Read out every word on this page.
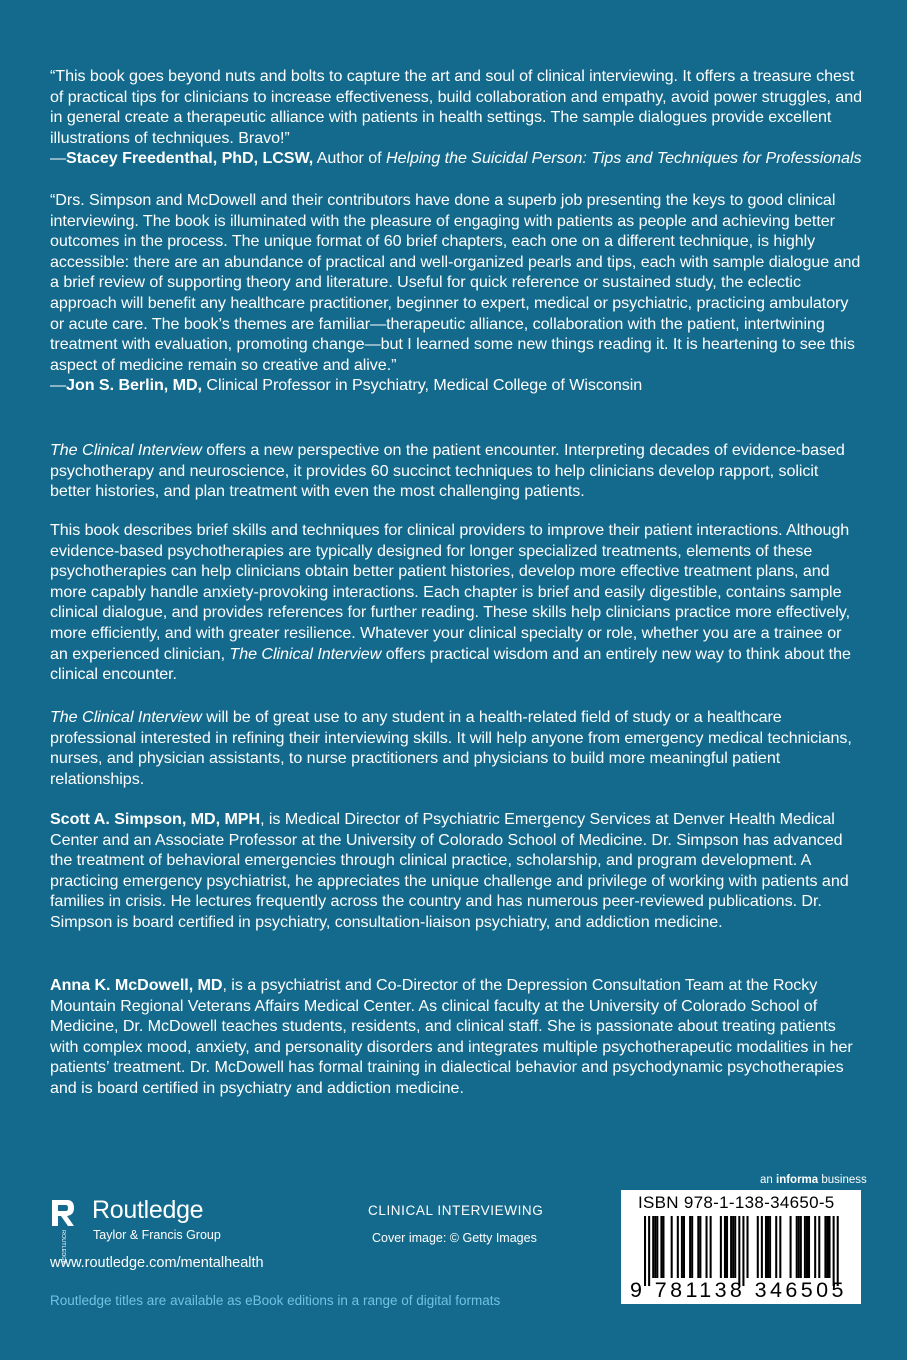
“This book goes beyond nuts and bolts to capture the art and soul of clinical interviewing. It offers a treasure chest of practical tips for clinicians to increase effectiveness, build collaboration and empathy, avoid power struggles, and in general create a therapeutic alliance with patients in health settings. The sample dialogues provide excellent illustrations of techniques. Bravo!”
—Stacey Freedenthal, PhD, LCSW, Author of Helping the Suicidal Person: Tips and Techniques for Professionals

“Drs. Simpson and McDowell and their contributors have done a superb job presenting the keys to good clinical interviewing. The book is illuminated with the pleasure of engaging with patients as people and achieving better outcomes in the process. The unique format of 60 brief chapters, each one on a different technique, is highly accessible: there are an abundance of practical and well-organized pearls and tips, each with sample dialogue and a brief review of supporting theory and literature. Useful for quick reference or sustained study, the eclectic approach will benefit any healthcare practitioner, beginner to expert, medical or psychiatric, practicing ambulatory or acute care. The book’s themes are familiar—therapeutic alliance, collaboration with the patient, intertwining treatment with evaluation, promoting change—but I learned some new things reading it. It is heartening to see this aspect of medicine remain so creative and alive.”
—Jon S. Berlin, MD, Clinical Professor in Psychiatry, Medical College of Wisconsin

The Clinical Interview offers a new perspective on the patient encounter. Interpreting decades of evidence-based psychotherapy and neuroscience, it provides 60 succinct techniques to help clinicians develop rapport, solicit better histories, and plan treatment with even the most challenging patients.

This book describes brief skills and techniques for clinical providers to improve their patient interactions. Although evidence-based psychotherapies are typically designed for longer specialized treatments, elements of these psychotherapies can help clinicians obtain better patient histories, develop more effective treatment plans, and more capably handle anxiety-provoking interactions. Each chapter is brief and easily digestible, contains sample clinical dialogue, and provides references for further reading. These skills help clinicians practice more effectively, more efficiently, and with greater resilience. Whatever your clinical specialty or role, whether you are a trainee or an experienced clinician, The Clinical Interview offers practical wisdom and an entirely new way to think about the clinical encounter.

The Clinical Interview will be of great use to any student in a health-related field of study or a healthcare professional interested in refining their interviewing skills. It will help anyone from emergency medical technicians, nurses, and physician assistants, to nurse practitioners and physicians to build more meaningful patient relationships.

Scott A. Simpson, MD, MPH, is Medical Director of Psychiatric Emergency Services at Denver Health Medical Center and an Associate Professor at the University of Colorado School of Medicine. Dr. Simpson has advanced the treatment of behavioral emergencies through clinical practice, scholarship, and program development. A practicing emergency psychiatrist, he appreciates the unique challenge and privilege of working with patients and families in crisis. He lectures frequently across the country and has numerous peer-reviewed publications. Dr. Simpson is board certified in psychiatry, consultation-liaison psychiatry, and addiction medicine.

Anna K. McDowell, MD, is a psychiatrist and Co-Director of the Depression Consultation Team at the Rocky Mountain Regional Veterans Affairs Medical Center. As clinical faculty at the University of Colorado School of Medicine, Dr. McDowell teaches students, residents, and clinical staff. She is passionate about treating patients with complex mood, anxiety, and personality disorders and integrates multiple psychotherapeutic modalities in her patients’ treatment. Dr. McDowell has formal training in dialectical behavior and psychodynamic psychotherapies and is board certified in psychiatry and addiction medicine.

ROUTLEDGE
Routledge
Taylor & Francis Group
www.routledge.com/mentalhealth
Routledge titles are available as eBook editions in a range of digital formats
CLINICAL INTERVIEWING
Cover image: © Getty Images
an informa business
ISBN 978-1-138-34650-5
9 781138 346505
